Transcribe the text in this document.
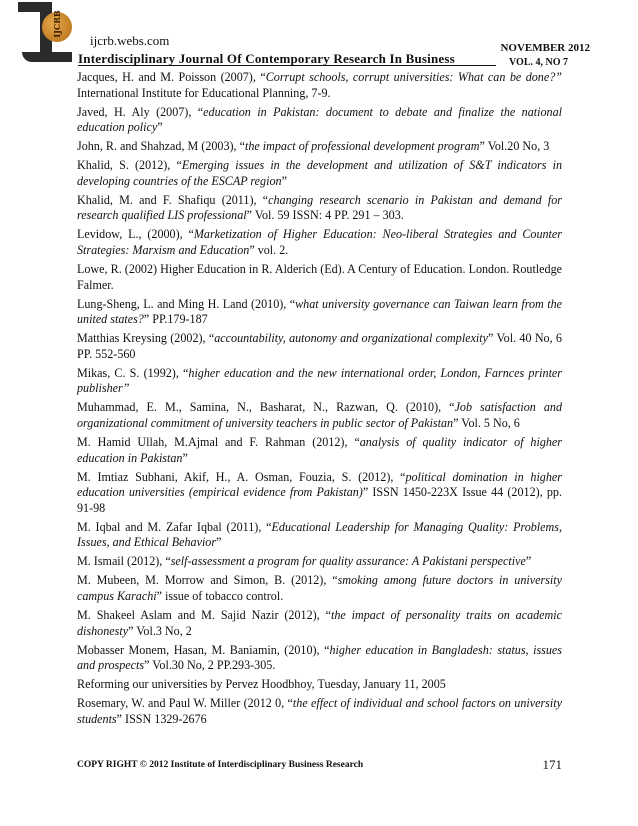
IJCRB
ijcrb.webs.com
Interdisciplinary Journal Of Contemporary Research In Business
NOVEMBER 2012
VOL. 4, NO 7

Jacques, H. and M. Poisson (2007), “Corrupt schools, corrupt universities: What can be done?” International Institute for Educational Planning, 7-9.

Javed, H. Aly (2007), “education in Pakistan: document to debate and finalize the national education policy”

John, R. and Shahzad, M (2003), “the impact of professional development program” Vol.20 No, 3

Khalid, S. (2012), “Emerging issues in the development and utilization of S&T indicators in developing countries of the ESCAP region”

Khalid, M. and F. Shafiqu (2011), “changing research scenario in Pakistan and demand for research qualified LIS professional” Vol. 59 ISSN: 4 PP. 291 – 303.

Levidow, L., (2000), “Marketization of Higher Education: Neo-liberal Strategies and Counter Strategies: Marxism and Education” vol. 2.

Lowe, R. (2002) Higher Education in R. Alderich (Ed). A Century of Education. London. Routledge Falmer.

Lung-Sheng, L. and Ming H. Land (2010), “what university governance can Taiwan learn from the united states?” PP.179-187

Matthias Kreysing (2002), “accountability, autonomy and organizational complexity” Vol. 40 No, 6 PP. 552-560

Mikas, C. S. (1992), “higher education and the new international order, London, Farnces printer publisher”

Muhammad, E. M., Samina, N., Basharat, N., Razwan, Q. (2010), “Job satisfaction and organizational commitment of university teachers in public sector of Pakistan” Vol. 5 No, 6

M. Hamid Ullah, M.Ajmal and F. Rahman (2012), “analysis of quality indicator of higher education in Pakistan”

M. Imtiaz Subhani, Akif, H., A. Osman, Fouzia, S. (2012), “political domination in higher education universities (empirical evidence from Pakistan)” ISSN 1450-223X Issue 44 (2012), pp. 91-98

M. Iqbal and M. Zafar Iqbal (2011), “Educational Leadership for Managing Quality: Problems, Issues, and Ethical Behavior”

M. Ismail (2012), “self-assessment a program for quality assurance: A Pakistani perspective”

M. Mubeen, M. Morrow and Simon, B. (2012), “smoking among future doctors in university campus Karachi” issue of tobacco control.

M. Shakeel Aslam and M. Sajid Nazir (2012), “the impact of personality traits on academic dishonesty” Vol.3 No, 2

Mobasser Monem, Hasan, M. Baniamin, (2010), “higher education in Bangladesh: status, issues and prospects” Vol.30 No, 2 PP.293-305.

Reforming our universities by Pervez Hoodbhoy, Tuesday, January 11, 2005

Rosemary, W. and Paul W. Miller (2012 0, “the effect of individual and school factors on university students” ISSN 1329-2676

COPY RIGHT © 2012 Institute of Interdisciplinary Business Research	171
